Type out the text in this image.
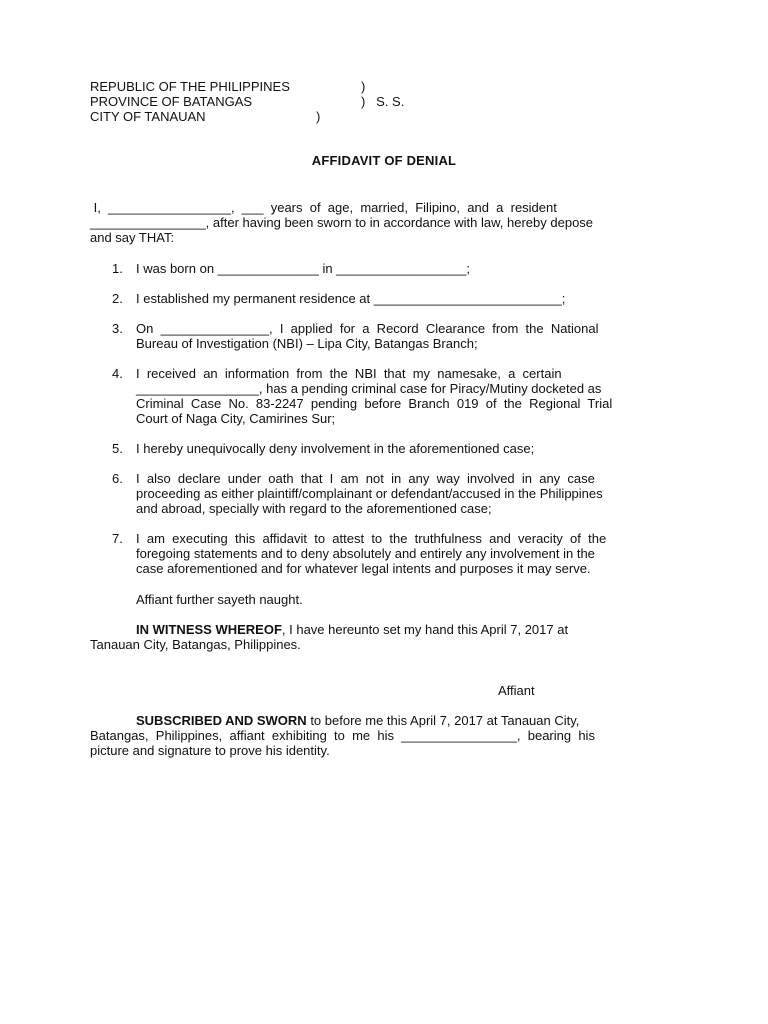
REPUBLIC OF THE PHILIPPINES
PROVINCE OF BATANGAS
CITY OF TANAUAN
)
)   S. S.
)
AFFIDAVIT OF DENIAL
I,  _________________,  ___  years  of  age,  married,  Filipino,  and  a  resident
________________, after having been sworn to in accordance with law, hereby depose
and say THAT:
1. I was born on ______________ in __________________;
2. I established my permanent residence at __________________________;
3. On  _______________,  I  applied  for  a  Record  Clearance  from  the  National
Bureau of Investigation (NBI) – Lipa City, Batangas Branch;
4. I  received  an  information  from  the  NBI  that  my  namesake,  a  certain
_________________, has a pending criminal case for Piracy/Mutiny docketed as
Criminal  Case  No.  83-2247  pending  before  Branch  019  of  the  Regional  Trial
Court of Naga City, Camirines Sur;
5. I hereby unequivocally deny involvement in the aforementioned case;
6. I  also  declare  under  oath  that  I  am  not  in  any  way  involved  in  any  case
proceeding as either plaintiff/complainant or defendant/accused in the Philippines
and abroad, specially with regard to the aforementioned case;
7. I  am  executing  this  affidavit  to  attest  to  the  truthfulness  and  veracity  of  the
foregoing statements and to deny absolutely and entirely any involvement in the
case aforementioned and for whatever legal intents and purposes it may serve.
Affiant further sayeth naught.
IN WITNESS WHEREOF, I have hereunto set my hand this April 7, 2017 at
Tanauan City, Batangas, Philippines.
Affiant
SUBSCRIBED AND SWORN to before me this April 7, 2017 at Tanauan City,
Batangas,  Philippines,  affiant  exhibiting  to  me  his  ________________,  bearing  his
picture and signature to prove his identity.
